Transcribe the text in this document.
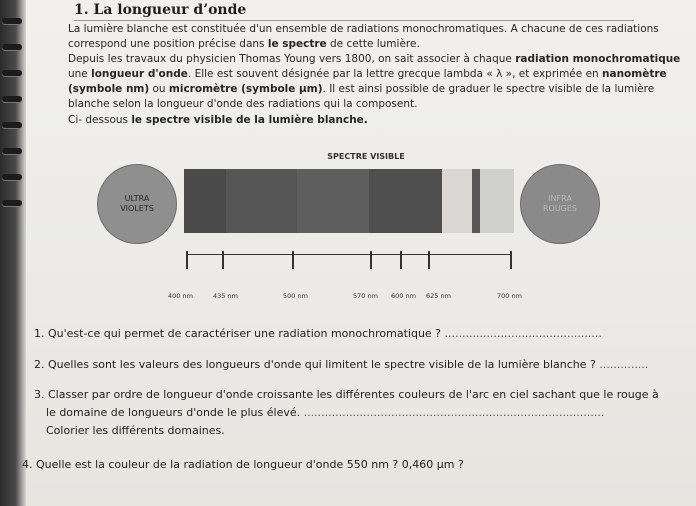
1. La longueur d’onde
La lumière blanche est constituée d'un ensemble de radiations monochromatiques. A chacune de ces radiations
correspond une position précise dans le spectre de cette lumière.
Depuis les travaux du physicien Thomas Young vers 1800, on sait associer à chaque radiation monochromatique
une longueur d'onde. Elle est souvent désignée par la lettre grecque lambda « λ », et exprimée en nanomètre
(symbole nm) ou micromètre (symbole µm). Il est ainsi possible de graduer le spectre visible de la lumière
blanche selon la longueur d'onde des radiations qui la composent.
Ci- dessous le spectre visible de la lumière blanche.
SPECTRE VISIBLE
ULTRA
VIOLETS
INFRA
ROUGES
400 nm	435 nm	500 nm	570 nm 600 nm 625 nm	700 nm
1. Qu'est-ce qui permet de caractériser une radiation monochromatique ? .............................................
2. Quelles sont les valeurs des longueurs d'onde qui limitent le spectre visible de la lumière blanche ? ..............
3. Classer par ordre de longueur d'onde croissante les différentes couleurs de l'arc en ciel sachant que le rouge à
le domaine de longueurs d'onde le plus élevé. ......................................................................................
Colorier les différents domaines.
4. Quelle est la couleur de la radiation de longueur d'onde 550 nm ? 0,460 µm ?
